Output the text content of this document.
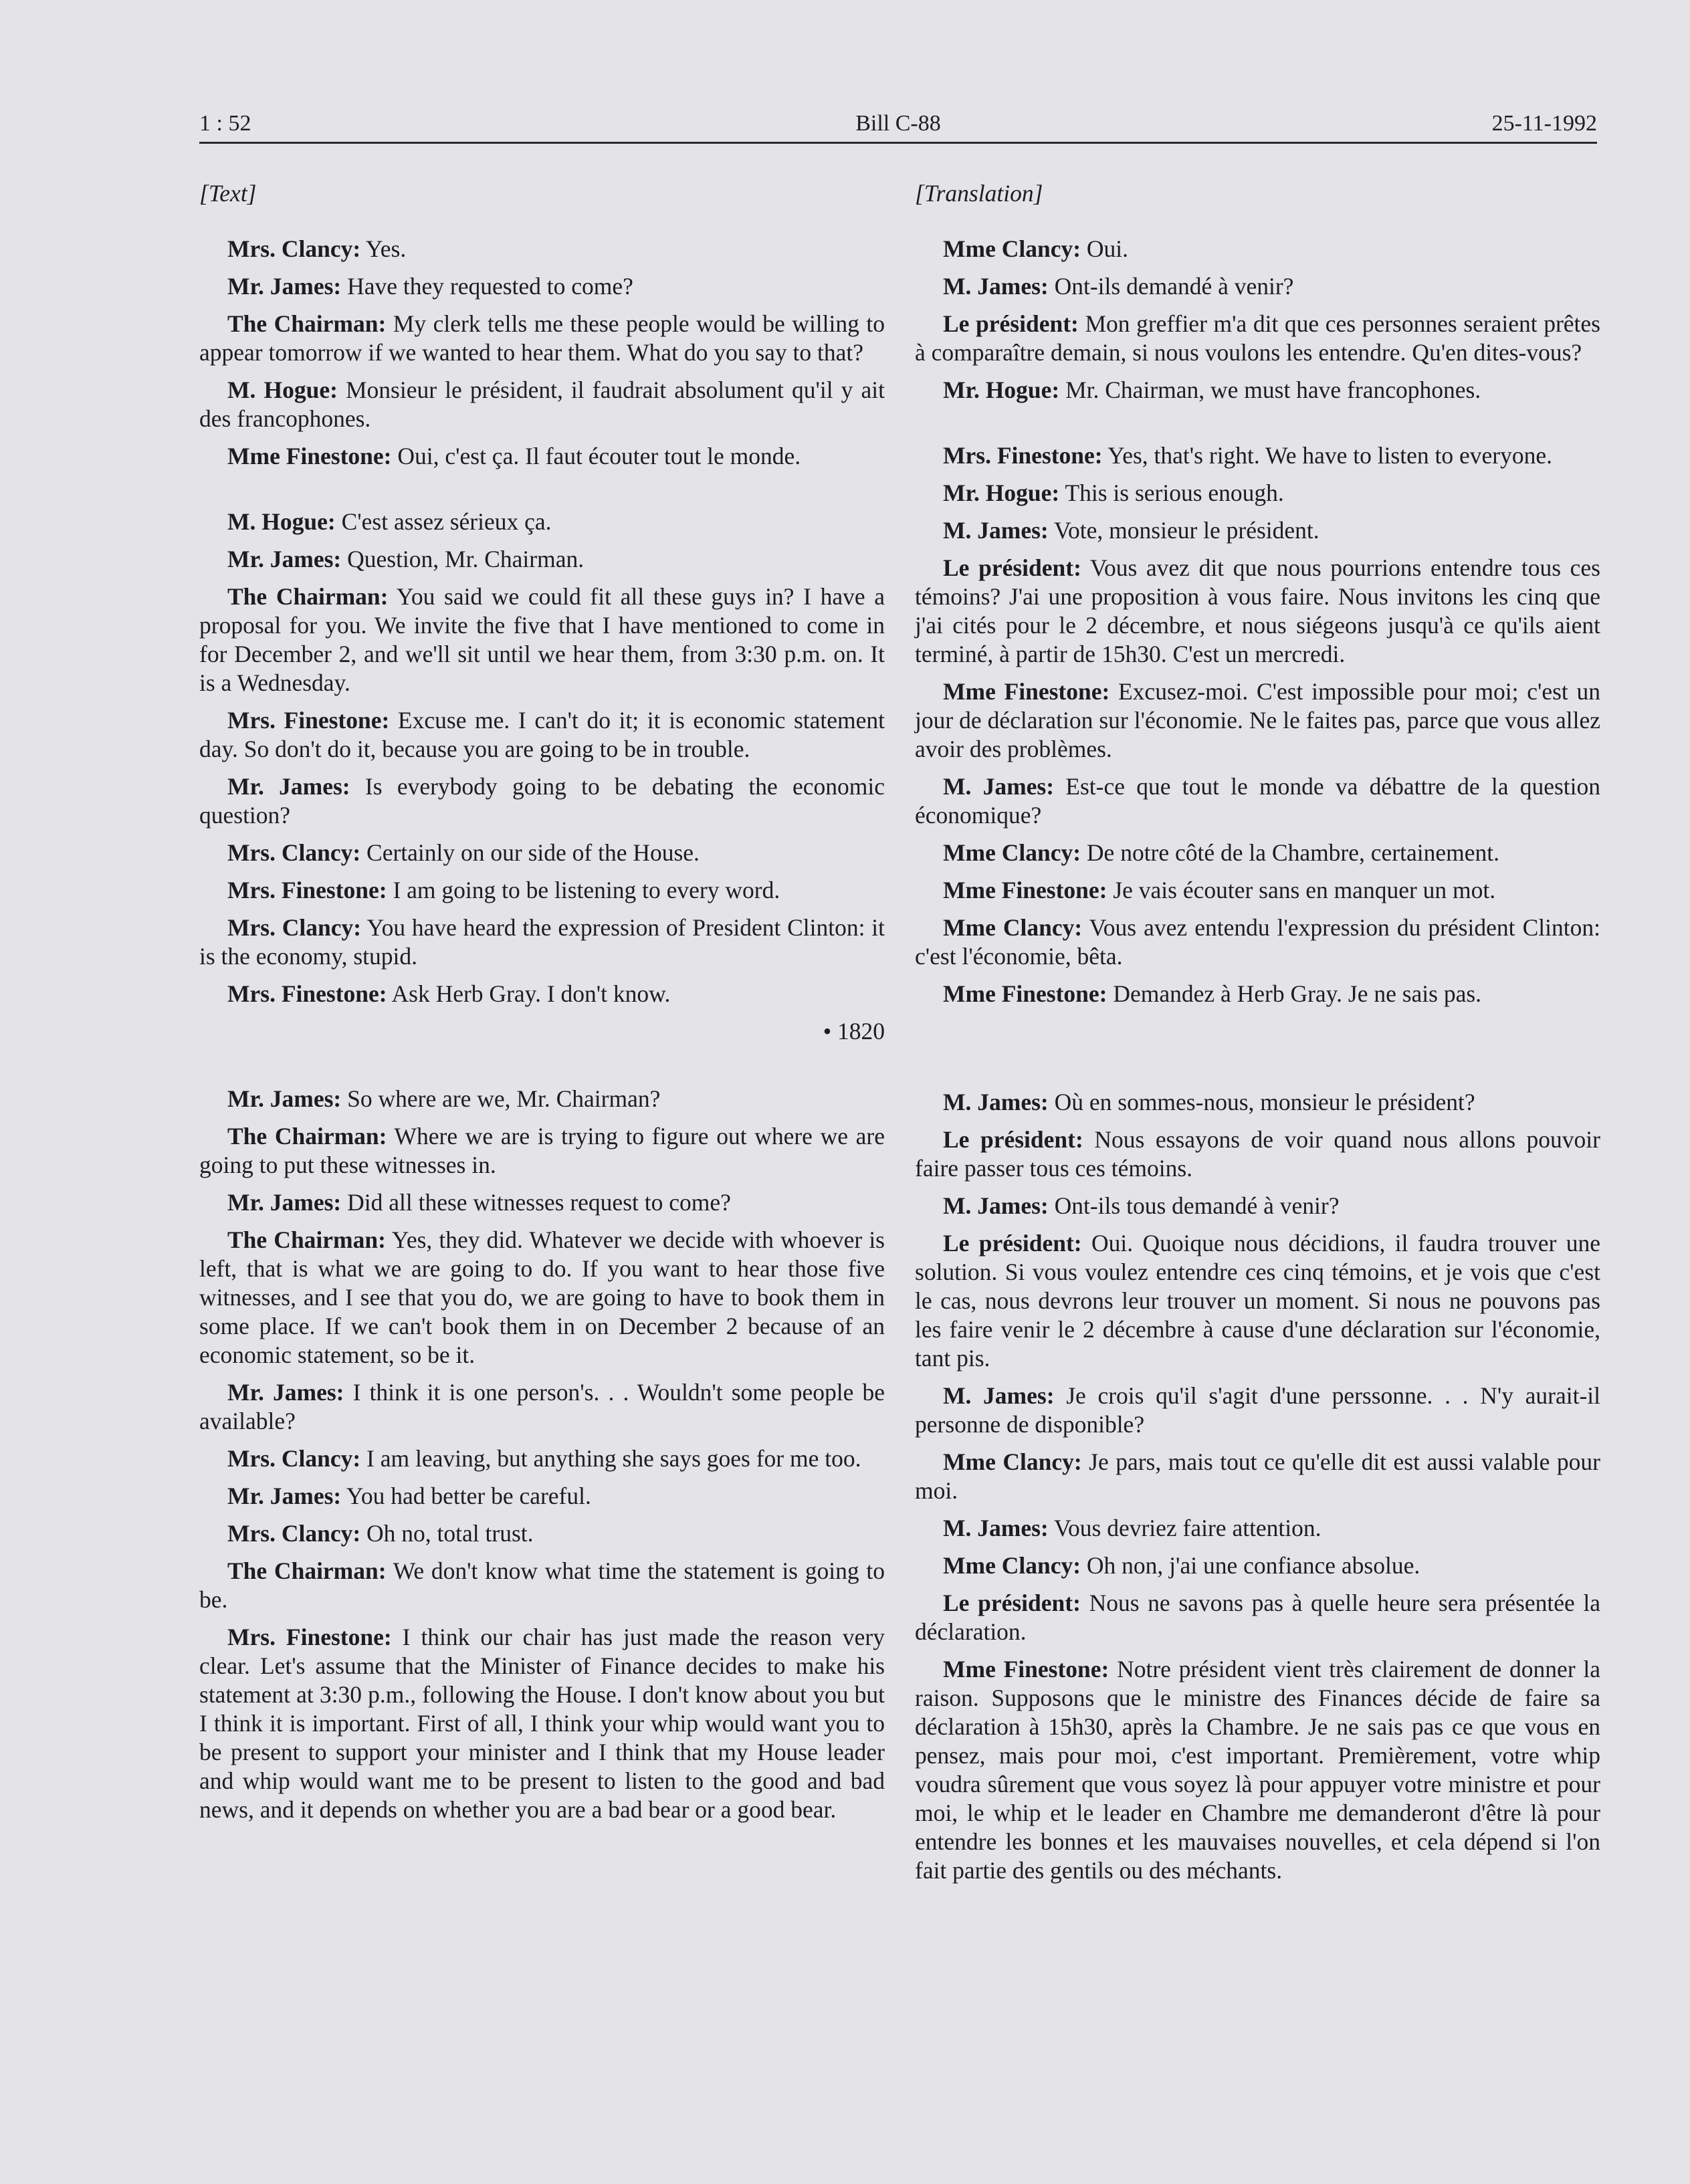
1 : 52	Bill C-88	25-11-1992
[Text]

Mrs. Clancy: Yes.

Mr. James: Have they requested to come?

The Chairman: My clerk tells me these people would be willing to appear tomorrow if we wanted to hear them. What do you say to that?

M. Hogue: Monsieur le président, il faudrait absolument qu'il y ait des francophones.

Mme Finestone: Oui, c'est ça. Il faut écouter tout le monde.

M. Hogue: C'est assez sérieux ça.

Mr. James: Question, Mr. Chairman.

The Chairman: You said we could fit all these guys in? I have a proposal for you. We invite the five that I have mentioned to come in for December 2, and we'll sit until we hear them, from 3:30 p.m. on. It is a Wednesday.

Mrs. Finestone: Excuse me. I can't do it; it is economic statement day. So don't do it, because you are going to be in trouble.

Mr. James: Is everybody going to be debating the economic question?

Mrs. Clancy: Certainly on our side of the House.

Mrs. Finestone: I am going to be listening to every word.

Mrs. Clancy: You have heard the expression of President Clinton: it is the economy, stupid.

Mrs. Finestone: Ask Herb Gray. I don't know.

• 1820

Mr. James: So where are we, Mr. Chairman?

The Chairman: Where we are is trying to figure out where we are going to put these witnesses in.

Mr. James: Did all these witnesses request to come?

The Chairman: Yes, they did. Whatever we decide with whoever is left, that is what we are going to do. If you want to hear those five witnesses, and I see that you do, we are going to have to book them in some place. If we can't book them in on December 2 because of an economic statement, so be it.

Mr. James: I think it is one person's. . . Wouldn't some people be available?

Mrs. Clancy: I am leaving, but anything she says goes for me too.

Mr. James: You had better be careful.

Mrs. Clancy: Oh no, total trust.

The Chairman: We don't know what time the statement is going to be.

Mrs. Finestone: I think our chair has just made the reason very clear. Let's assume that the Minister of Finance decides to make his statement at 3:30 p.m., following the House. I don't know about you but I think it is important. First of all, I think your whip would want you to be present to support your minister and I think that my House leader and whip would want me to be present to listen to the good and bad news, and it depends on whether you are a bad bear or a good bear.

[Translation]

Mme Clancy: Oui.

M. James: Ont-ils demandé à venir?

Le président: Mon greffier m'a dit que ces personnes seraient prêtes à comparaître demain, si nous voulons les entendre. Qu'en dites-vous?

Mr. Hogue: Mr. Chairman, we must have francophones.

Mrs. Finestone: Yes, that's right. We have to listen to everyone.

Mr. Hogue: This is serious enough.

M. James: Vote, monsieur le président.

Le président: Vous avez dit que nous pourrions entendre tous ces témoins? J'ai une proposition à vous faire. Nous invitons les cinq que j'ai cités pour le 2 décembre, et nous siégeons jusqu'à ce qu'ils aient terminé, à partir de 15h30. C'est un mercredi.

Mme Finestone: Excusez-moi. C'est impossible pour moi; c'est un jour de déclaration sur l'économie. Ne le faites pas, parce que vous allez avoir des problèmes.

M. James: Est-ce que tout le monde va débattre de la question économique?

Mme Clancy: De notre côté de la Chambre, certainement.

Mme Finestone: Je vais écouter sans en manquer un mot.

Mme Clancy: Vous avez entendu l'expression du président Clinton: c'est l'économie, bêta.

Mme Finestone: Demandez à Herb Gray. Je ne sais pas.

M. James: Où en sommes-nous, monsieur le président?

Le président: Nous essayons de voir quand nous allons pouvoir faire passer tous ces témoins.

M. James: Ont-ils tous demandé à venir?

Le président: Oui. Quoique nous décidions, il faudra trouver une solution. Si vous voulez entendre ces cinq témoins, et je vois que c'est le cas, nous devrons leur trouver un moment. Si nous ne pouvons pas les faire venir le 2 décembre à cause d'une déclaration sur l'économie, tant pis.

M. James: Je crois qu'il s'agit d'une perssonne. . . N'y aurait-il personne de disponible?

Mme Clancy: Je pars, mais tout ce qu'elle dit est aussi valable pour moi.

M. James: Vous devriez faire attention.

Mme Clancy: Oh non, j'ai une confiance absolue.

Le président: Nous ne savons pas à quelle heure sera présentée la déclaration.

Mme Finestone: Notre président vient très clairement de donner la raison. Supposons que le ministre des Finances décide de faire sa déclaration à 15h30, après la Chambre. Je ne sais pas ce que vous en pensez, mais pour moi, c'est important. Premièrement, votre whip voudra sûrement que vous soyez là pour appuyer votre ministre et pour moi, le whip et le leader en Chambre me demanderont d'être là pour entendre les bonnes et les mauvaises nouvelles, et cela dépend si l'on fait partie des gentils ou des méchants.
